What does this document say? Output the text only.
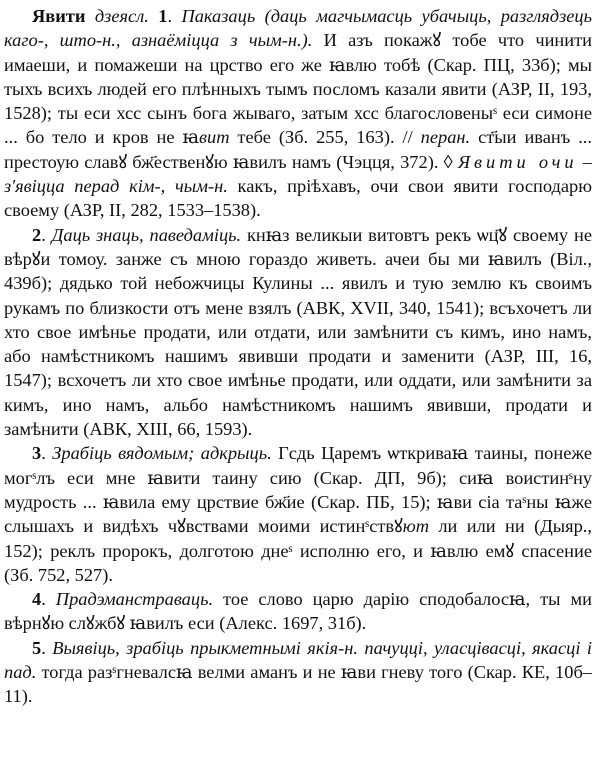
Явити дзеясл. 1. Паказаць (даць магчымасць убачыць, разглядзець каго-, што-н., азнаёміцца з чым-н.). И азъ покажꙋ тобе что чинити имаеши, и помажеши на црство его же ꙗвлю тобѣ (Скар. ПЦ, 33б); мы тыхъ всихъ людей его плѣнныхъ тымъ посломъ казали явити (АЗР, II, 193, 1528); ты еси хсс сынъ бога жываго, затым хсс благословеныˢ еси симоне ... бо тело и кров не ꙗвит тебе (Зб. 255, 163). // перан. ст҃ыи иванъ ... престоую славꙋ бж҃ественꙋю ꙗвилъ намъ (Чэцця, 372). ◊ Явити очи – з'явіцца перад кім-, чым-н. какъ, пріѣхавъ, очи свои явити господарю своему (АЗР, II, 282, 1533–1538).

2. Даць знаць, паведаміць. кнꙗз великыи витовтъ рекъ ѡц҃ꙋ своему не вѣрꙋи томоу. занже съ мною гораздо живеть. ачеи бы ми ꙗвилъ (Віл., 439б); дядько той небожчицы Кулины ... явилъ и тую землю къ своимъ рукамъ по близкости отъ мене взялъ (АВК, XVII, 340, 1541); всъхочетъ ли хто свое имѣнье продати, или отдати, или замѣнити съ кимъ, ино намъ, або намѣстникомъ нашимъ явивши продати и заменити (АЗР, III, 16, 1547); всхочетъ ли хто свое имѣнье продати, или оддати, или замѣнити за кимъ, ино намъ, альбо намѣстникомъ нашимъ явивши, продати и замѣнити (АВК, XIII, 66, 1593).

3. Зрабіць вядомым; адкрыць. Гсдь Царемъ ѡткриваꙗ таины, понеже могˢлъ еси мне ꙗвити таину сию (Скар. ДП, 9б); сиꙗ воистинˢну мудрость ... ꙗвила ему црствие бж҃ие (Скар. ПБ, 15); ꙗви сіа таˢны ꙗже слышахъ и видѣхъ чꙋвствами моими истинˢствꙋют ли или ни (Дыяр., 152); реклъ пророкъ, долготою днеˢ исполню его, и ꙗвлю емꙋ спасение (Зб. 752, 527).

4. Прадэманстраваць. тое слово царю дарію сподобалосꙗ, ты ми вѣрнꙋю слꙋжбꙋ ꙗвилъ еси (Алекс. 1697, 31б).

5. Выявіць, зрабіць прыкметнымі якія-н. пачуцці, уласцівасці, якасці і пад. тогда разˢгневалсꙗ велми аманъ и не ꙗви гневу того (Скар. КЕ, 10б–11).
